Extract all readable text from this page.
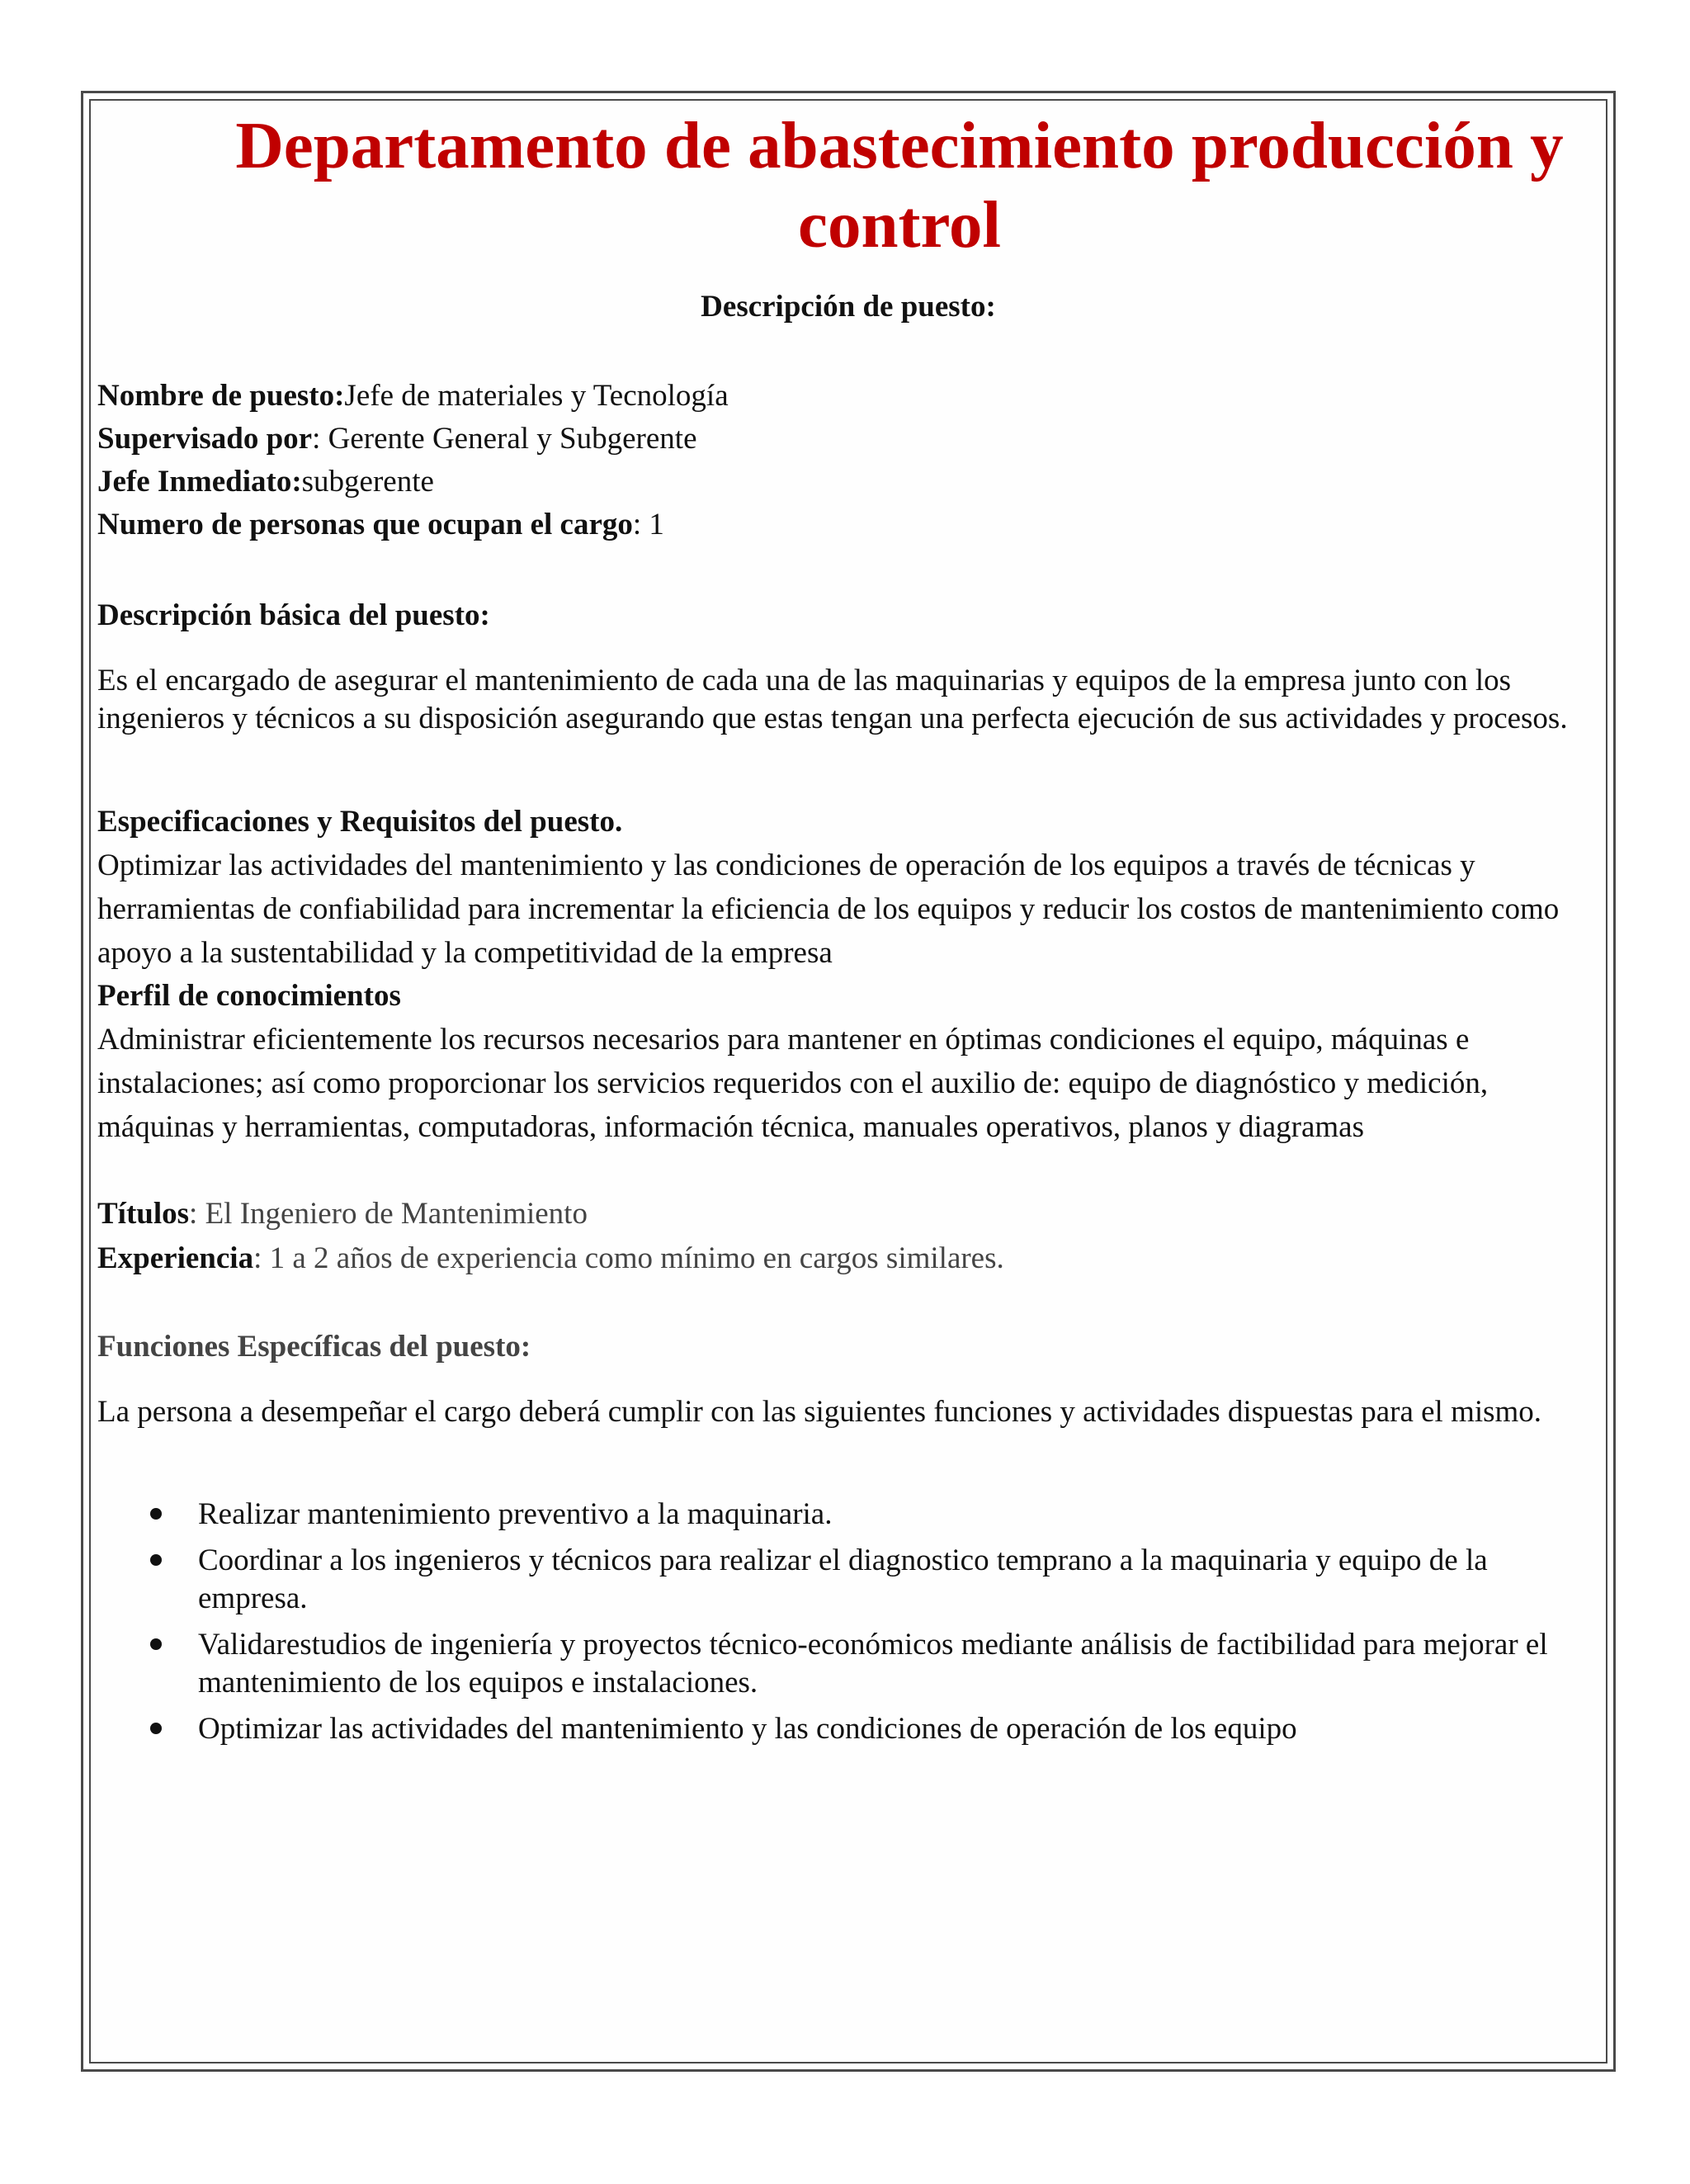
Departamento de abastecimiento producción y control
Descripción de puesto:
Nombre de puesto:Jefe de materiales y Tecnología
Supervisado por: Gerente General y Subgerente
Jefe Inmediato:subgerente
Numero de personas que ocupan el cargo: 1
Descripción básica del puesto:

Es el encargado de asegurar el mantenimiento de cada una de las maquinarias y equipos de la empresa junto con los ingenieros y técnicos a su disposición asegurando que estas tengan una perfecta ejecución de sus actividades y procesos.

Especificaciones y Requisitos del puesto.

Optimizar las actividades del mantenimiento y las condiciones de operación de los equipos a través de técnicas y herramientas de confiabilidad para incrementar la eficiencia de los equipos y reducir los costos de mantenimiento como apoyo a la sustentabilidad y la competitividad de la empresa

Perfil de conocimientos

Administrar eficientemente los recursos necesarios para mantener en óptimas condiciones el equipo, máquinas e instalaciones; así como proporcionar los servicios requeridos con el auxilio de: equipo de diagnóstico y medición, máquinas y herramientas, computadoras, información técnica, manuales operativos, planos y diagramas

Títulos: El Ingeniero de Mantenimiento
Experiencia: 1 a 2 años de experiencia como mínimo en cargos similares.
Funciones Específicas del puesto:

La persona a desempeñar el cargo deberá cumplir con las siguientes funciones y actividades dispuestas para el mismo.

Realizar mantenimiento preventivo a la maquinaria.
Coordinar a los ingenieros y técnicos para realizar el diagnostico temprano a la maquinaria y equipo de la empresa.
Validarestudios de ingeniería y proyectos técnico-económicos mediante análisis de factibilidad para mejorar el mantenimiento de los equipos e instalaciones.
Optimizar las actividades del mantenimiento y las condiciones de operación de los equipo
